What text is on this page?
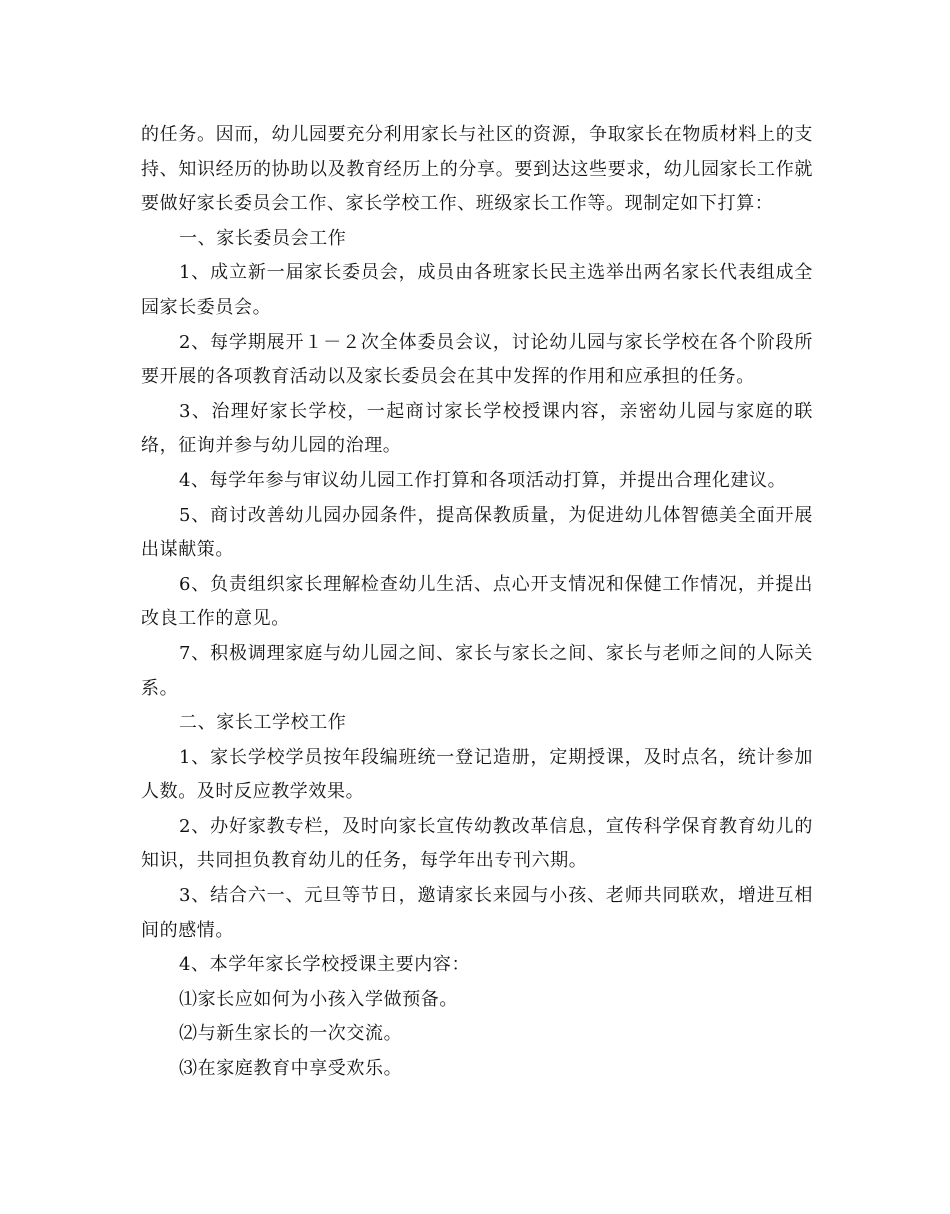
的任务。因而，幼儿园要充分利用家长与社区的资源，争取家长在物质材料上的支持、知识经历的协助以及教育经历上的分享。要到达这些要求，幼儿园家长工作就要做好家长委员会工作、家长学校工作、班级家长工作等。现制定如下打算：

一、家长委员会工作

1、成立新一届家长委员会，成员由各班家长民主选举出两名家长代表组成全园家长委员会。

2、每学期展开１－２次全体委员会议，讨论幼儿园与家长学校在各个阶段所要开展的各项教育活动以及家长委员会在其中发挥的作用和应承担的任务。

3、治理好家长学校，一起商讨家长学校授课内容，亲密幼儿园与家庭的联络，征询并参与幼儿园的治理。

4、每学年参与审议幼儿园工作打算和各项活动打算，并提出合理化建议。

5、商讨改善幼儿园办园条件，提高保教质量，为促进幼儿体智德美全面开展出谋献策。

6、负责组织家长理解检查幼儿生活、点心开支情况和保健工作情况，并提出改良工作的意见。

7、积极调理家庭与幼儿园之间、家长与家长之间、家长与老师之间的人际关系。

二、家长工学校工作

1、家长学校学员按年段编班统一登记造册，定期授课，及时点名，统计参加人数。及时反应教学效果。

2、办好家教专栏，及时向家长宣传幼教改革信息，宣传科学保育教育幼儿的知识，共同担负教育幼儿的任务，每学年出专刊六期。

3、结合六一、元旦等节日，邀请家长来园与小孩、老师共同联欢，增进互相间的感情。

4、本学年家长学校授课主要内容：

⑴家长应如何为小孩入学做预备。

⑵与新生家长的一次交流。

⑶在家庭教育中享受欢乐。
